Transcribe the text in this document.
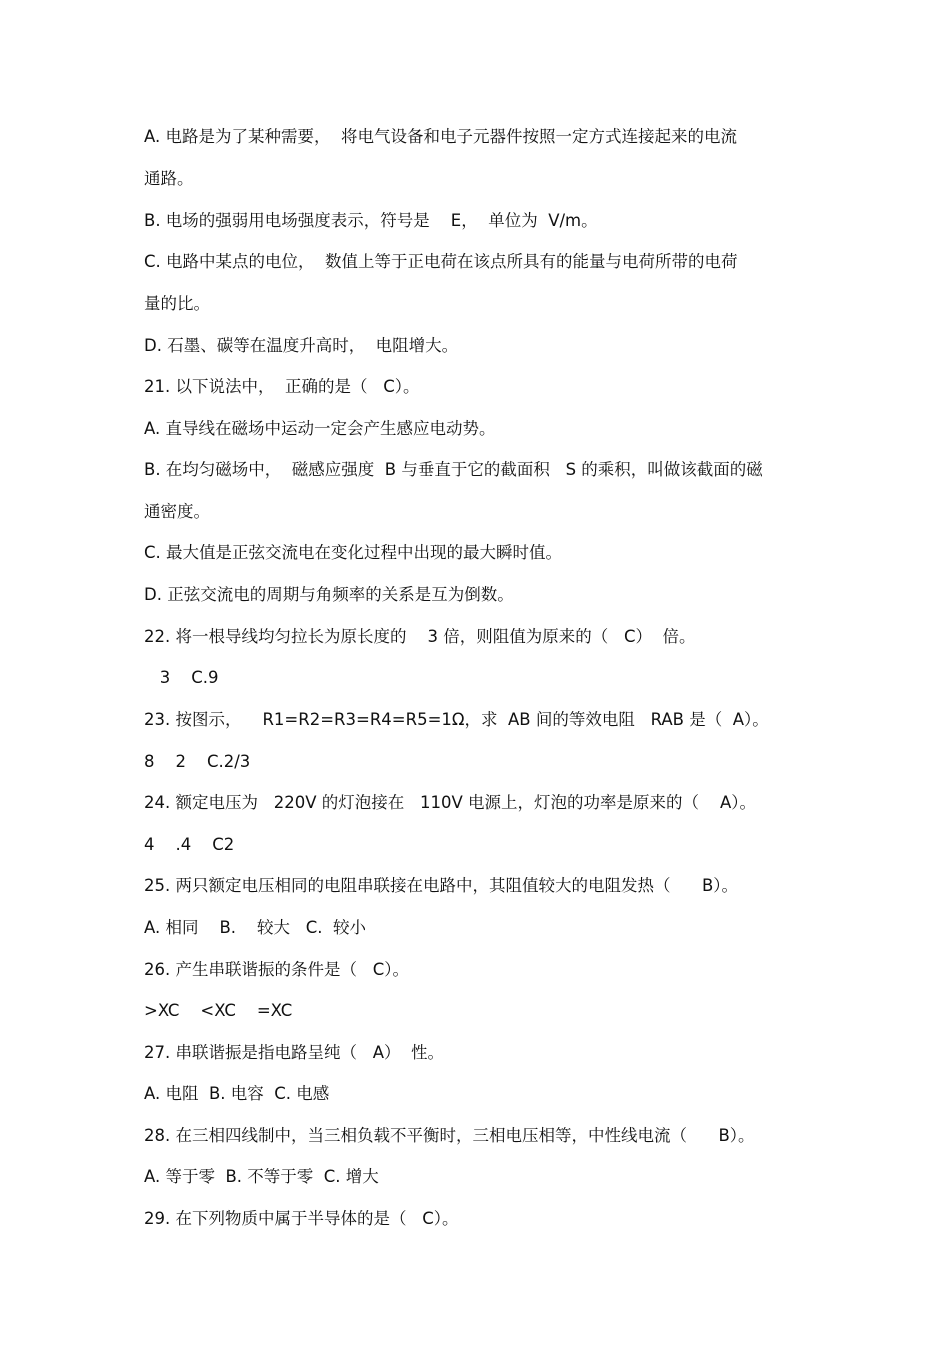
A. 电路是为了某种需要，  将电气设备和电子元器件按照一定方式连接起来的电流
通路。
B. 电场的强弱用电场强度表示，符号是    E，  单位为  V/m。
C. 电路中某点的电位，  数值上等于正电荷在该点所具有的能量与电荷所带的电荷
量的比。
D. 石墨、碳等在温度升高时，  电阻增大。
21. 以下说法中，  正确的是（   C）。
A. 直导线在磁场中运动一定会产生感应电动势。
B. 在均匀磁场中，  磁感应强度  B 与垂直于它的截面积   S 的乘积，叫做该截面的磁
通密度。
C. 最大值是正弦交流电在变化过程中出现的最大瞬时值。
D. 正弦交流电的周期与角频率的关系是互为倒数。
22. 将一根导线均匀拉长为原长度的    3 倍，则阻值为原来的（   C）  倍。
3    C.9
23. 按图示，    R1=R2=R3=R4=R5=1Ω，求  AB 间的等效电阻   RAB 是（  A）。
8    2    C.2/3
24. 额定电压为   220V 的灯泡接在   110V 电源上，灯泡的功率是原来的（    A）。
4    .4    C2
25. 两只额定电压相同的电阻串联接在电路中，其阻值较大的电阻发热（      B）。
A. 相同    B.    较大   C.  较小
26. 产生串联谐振的条件是（   C）。
>XC    <XC    =XC
27. 串联谐振是指电路呈纯（   A）  性。
A. 电阻  B. 电容  C. 电感
28. 在三相四线制中，当三相负载不平衡时，三相电压相等，中性线电流（      B）。
A. 等于零  B. 不等于零  C. 增大
29. 在下列物质中属于半导体的是（   C）。
